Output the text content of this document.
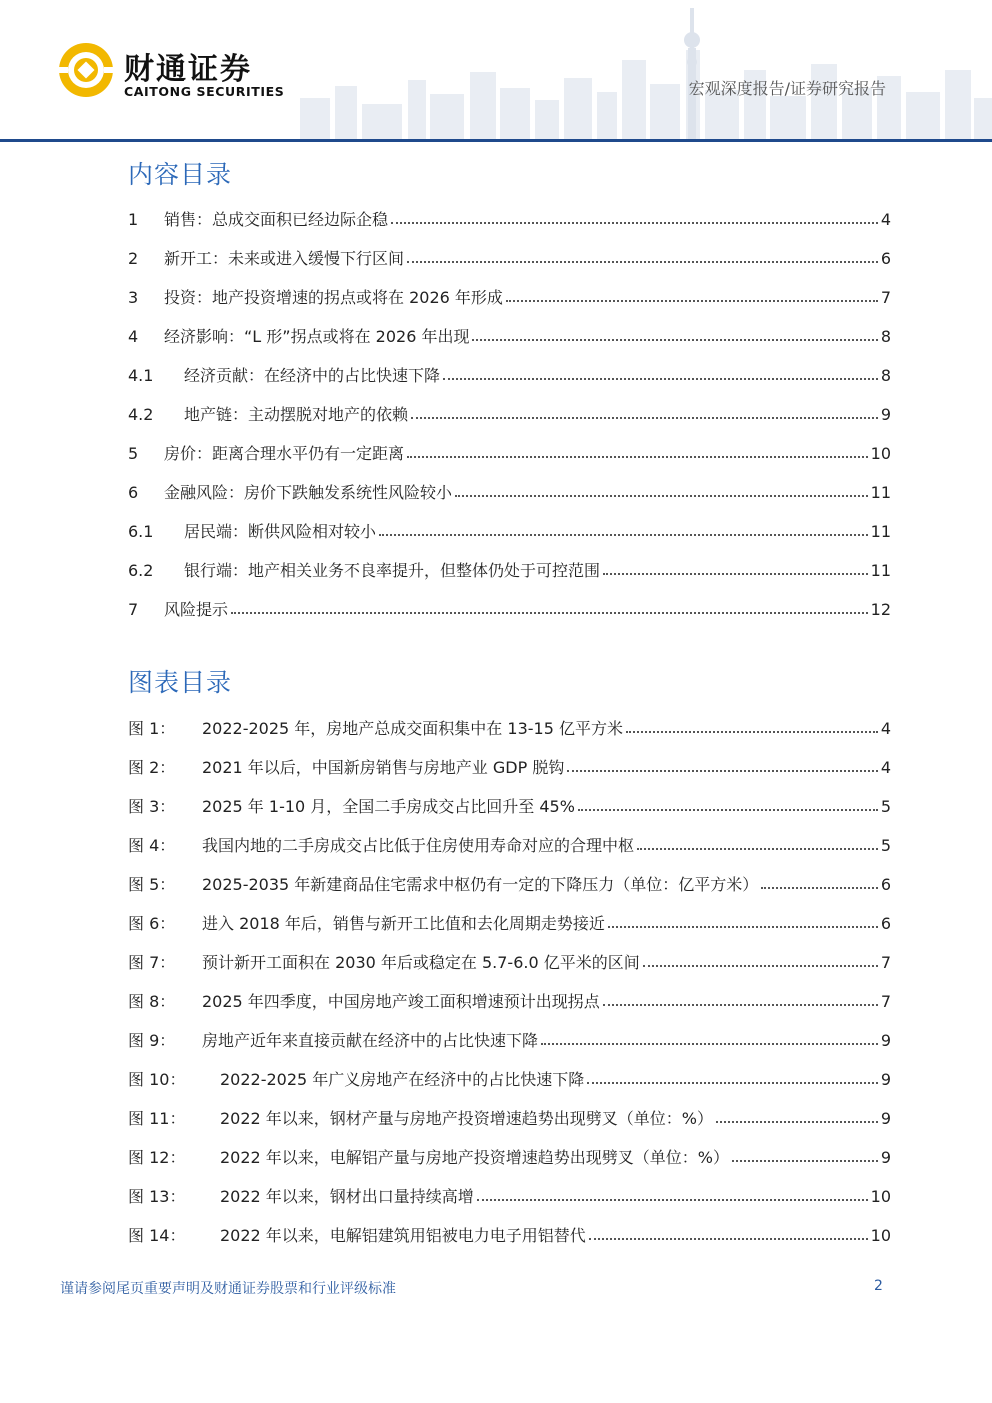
财通证券
CAITONG SECURITIES	宏观深度报告/证券研究报告
内容目录
1	销售：总成交面积已经边际企稳	4
2	新开工：未来或进入缓慢下行区间	6
3	投资：地产投资增速的拐点或将在 2026 年形成	7
4	经济影响：“L 形”拐点或将在 2026 年出现	8
4.1	经济贡献：在经济中的占比快速下降	8
4.2	地产链：主动摆脱对地产的依赖	9
5	房价：距离合理水平仍有一定距离	10
6	金融风险：房价下跌触发系统性风险较小	11
6.1	居民端：断供风险相对较小	11
6.2	银行端：地产相关业务不良率提升，但整体仍处于可控范围	11
7	风险提示	12
图表目录
图 1：	2022-2025 年，房地产总成交面积集中在 13-15 亿平方米	4
图 2：	2021 年以后，中国新房销售与房地产业 GDP 脱钩	4
图 3：	2025 年 1-10 月，全国二手房成交占比回升至 45%	5
图 4：	我国内地的二手房成交占比低于住房使用寿命对应的合理中枢	5
图 5：	2025-2035 年新建商品住宅需求中枢仍有一定的下降压力（单位：亿平方米）	6
图 6：	进入 2018 年后，销售与新开工比值和去化周期走势接近	6
图 7：	预计新开工面积在 2030 年后或稳定在 5.7-6.0 亿平米的区间	7
图 8：	2025 年四季度，中国房地产竣工面积增速预计出现拐点	7
图 9：	房地产近年来直接贡献在经济中的占比快速下降	9
图 10：	2022-2025 年广义房地产在经济中的占比快速下降	9
图 11：	2022 年以来，钢材产量与房地产投资增速趋势出现劈叉（单位：%）	9
图 12：	2022 年以来，电解铝产量与房地产投资增速趋势出现劈叉（单位：%）	9
图 13：	2022 年以来，钢材出口量持续高增	10
图 14：	2022 年以来，电解铝建筑用铝被电力电子用铝替代	10
谨请参阅尾页重要声明及财通证券股票和行业评级标准	2
